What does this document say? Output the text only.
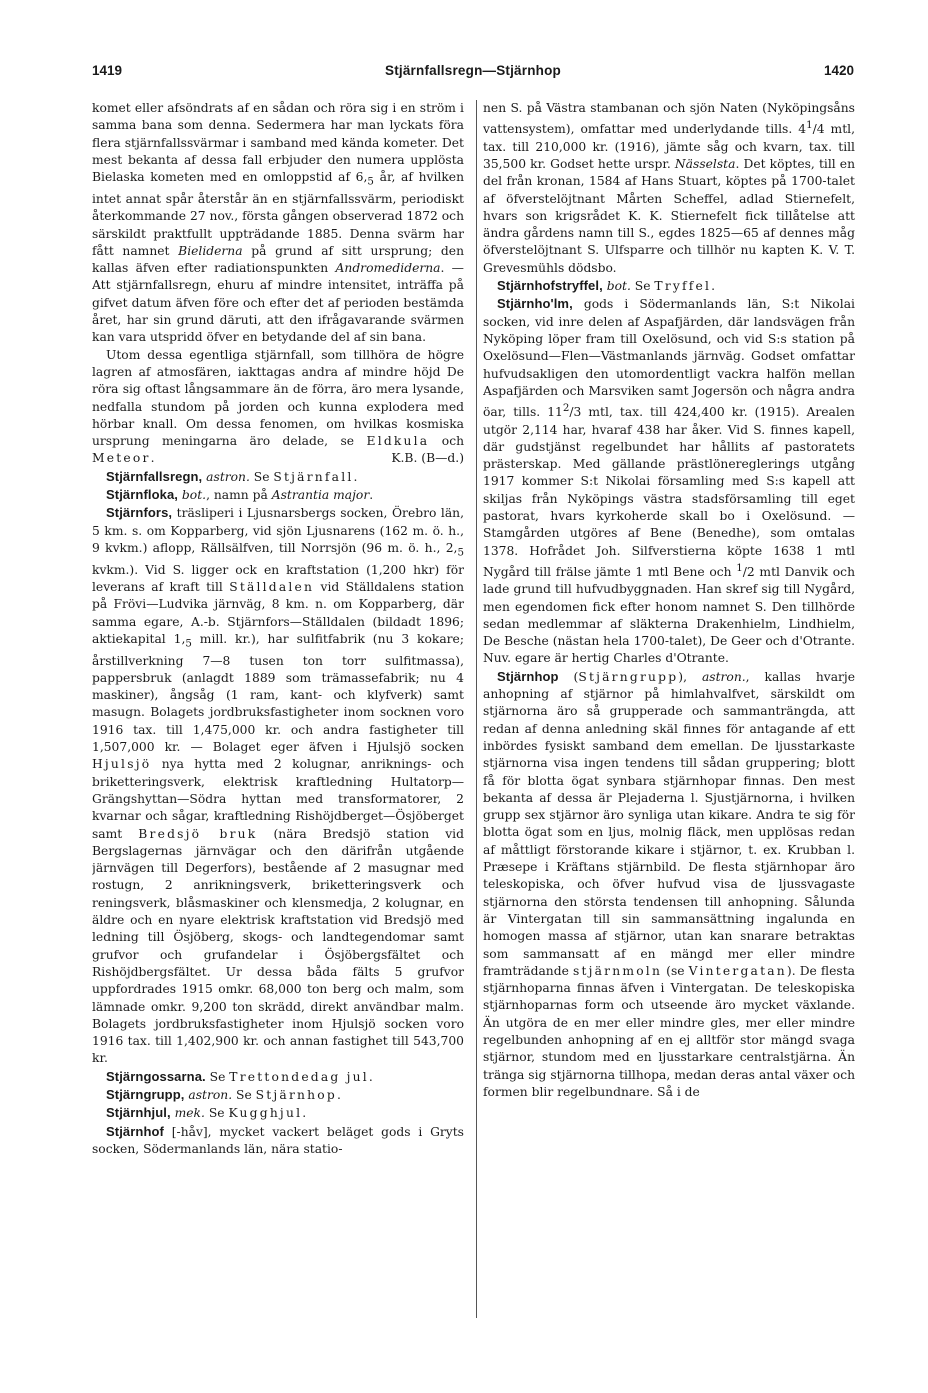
1419	Stjärnfallsregn—Stjärnhop	1420

komet eller afsöndrats af en sådan och röra sig i en ström i samma bana som denna. Sedermera har man lyckats föra flera stjärnfallssvärmar i samband med kända kometer. Det mest bekanta af dessa fall erbjuder den numera upplösta Bielaska kometen med en omloppstid af $6,_5$ år, af hvilken intet annat spår återstår än en stjärnfallssvärm, periodiskt återkommande 27 nov., första gången observerad 1872 och särskildt praktfullt uppträdande 1885. Denna svärm har fått namnet Bielidernа på grund af sitt ursprung; den kallas äfven efter radiationspunkten Andromediderna. — Att stjärnfallsregn, ehuru af mindre intensitet, inträffa på gifvet datum äfven före och efter det af perioden bestämda året, har sin grund däruti, att den ifrågavarande svärmen kan vara utspridd öfver en betydande del af sin bana.

Utom dessa egentliga stjärnfall, som tillhöra de högre lagren af atmosfären, iakttagas andra af mindre höjd De röra sig oftast långsammare än de förra, äro mera lysande, nedfalla stundom på jorden och kunna explodera med hörbar knall. Om dessa fenomen, om hvilkas kosmiska ursprung meningarna äro delade, se Eldkula och Meteor.	K.B. (B—d.)

Stjärnfallsregn, astron. Se Stjärnfall.

Stjärnfloka, bot., namn på Astrantia major.

Stjärnfors, träsliperi i Ljusnarsbergs socken, Örebro län, 5 km. s. om Kopparberg, vid sjön Ljusnarens (162 m. ö. h., 9 kvkm.) aflopp, Rällsälfven, till Norrsjön (96 m. ö. h., $2,_5$ kvkm.). Vid S. ligger ock en kraftstation (1,200 hkr) för leverans af kraft till Ställdalen vid Ställdalens station på Frövi—Ludvika järnväg, 8 km. n. om Kopparberg, där samma egare, A.-b. Stjärnfors—Ställdalen (bildadt 1896; aktiekapital $1,_5$ mill. kr.), har sulfitfabrik (nu 3 kokare; årstillverkning 7—8 tusen ton torr sulfitmassa), pappersbruk (anlagdt 1889 som trämassefabrik; nu 4 maskiner), ångsåg (1 ram, kant- och klyfverk) samt masugn. Bolagets jordbruksfastigheter inom socknen voro 1916 tax. till 1,475,000 kr. och andra fastigheter till 1,507,000 kr. — Bolaget eger äfven i Hjulsjö socken Hjulsjö nya hytta med 2 kolugnar, anriknings- och briketteringsverk, elektrisk kraftledning Hultatorp—Grängshyttan—Södra hyttan med transformatorer, 2 kvarnar och sågar, kraftledning Rishöjdberget—Ösjöberget samt Bredsjö bruk (nära Bredsjö station vid Bergslagernas järnvägar och den därifrån utgående järnvägen till Degerfors), bestående af 2 masugnar med rostugn, 2 anrikningsverk, briketteringsverk och reningsverk, blåsmaskiner och klensmedja, 2 kolugnar, en äldre och en nyare elektrisk kraftstation vid Bredsjö med ledning till Ösjöberg, skogs- och landtegendomar samt grufvor och grufandelar i Ösjöbergsfältet och Rishöjdbergsfältet. Ur dessa båda fälts 5 grufvor uppfordrades 1915 omkr. 68,000 ton berg och malm, som lämnade omkr. 9,200 ton skrädd, direkt användbar malm. Bolagets jordbruksfastigheter inom Hjulsjö socken voro 1916 tax. till 1,402,900 kr. och annan fastighet till 543,700 kr.

Stjärngossarna. Se Trettondedag jul.

Stjärngrupp, astron. Se Stjärnhop.

Stjärnhjul, mek. Se Kugghjul.

Stjärnhof [-håv], mycket vackert beläget gods i Gryts socken, Södermanlands län, nära statio-

nen S. på Västra stambanan och sjön Naten (Nyköpingsåns vattensystem), omfattar med underlydande tills. $4^1/4$ mtl, tax. till 210,000 kr. (1916), jämte såg och kvarn, tax. till 35,500 kr. Godset hette urspr. Nässelsta. Det köptes, till en del från kronan, 1584 af Hans Stuart, köptes på 1700-talet af öfverstelöjtnant Mårten Scheffel, adlad Stiernefelt, hvars son krigsrådet K. K. Stiernefelt fick tillåtelse att ändra gårdens namn till S., egdes 1825—65 af dennes måg öfverstelöjtnant S. Ulfsparre och tillhör nu kapten K. V. T. Grevesmühls dödsbo.

Stjärnhofstryffel, bot. Se Tryffel.

Stjärnho'lm, gods i Södermanlands län, S:t Nikolai socken, vid inre delen af Aspafjärden, där landsvägen från Nyköping löper fram till Oxelösund, och vid S:s station på Oxelösund—Flen—Västmanlands järnväg. Godset omfattar hufvudsakligen den utomordentligt vackra halfön mellan Aspafjärden och Marsviken samt Jogersön och några andra öar, tills. $11^2/3$ mtl, tax. till 424,400 kr. (1915). Arealen utgör 2,114 har, hvaraf 438 har åker. Vid S. finnes kapell, där gudstjänst regelbundet har hållits af pastoratets prästerskap. Med gällande prästlönereglerings utgång 1917 kommer S:t Nikolai församling med S:s kapell att skiljas från Nyköpings västra stadsförsamling till eget pastorat, hvars kyrkoherde skall bo i Oxelösund. — Stamgården utgöres af Bene (Benedhe), som omtalas 1378. Hofrådet Joh. Silfverstierna köpte 1638 1 mtl Nygård till frälse jämte 1 mtl Bene och $^1$/2 mtl Danvik och lade grund till hufvudbyggnaden. Han skref sig till Nygård, men egendomen fick efter honom namnet S. Den tillhörde sedan medlemmar af släkterna Drakenhielm, Lindhielm, De Besche (nästan hela 1700-talet), De Geer och d'Otrante. Nuv. egare är hertig Charles d'Otrante.

Stjärnhop (Stjärngrupp), astron., kallas hvarje anhopning af stjärnor på himlahvalfvet, särskildt om stjärnorna äro så grupperade och sammanträngda, att redan af denna anledning skäl finnes för antagande af ett inbördes fysiskt samband dem emellan. De ljusstarkaste stjärnorna visa ingen tendens till sådan gruppering; blott få för blotta ögat synbara stjärnhopar finnas. Den mest bekanta af dessa är Plejaderna l. Sjustjärnorna, i hvilken grupp sex stjärnor äro synliga utan kikare. Andra te sig för blotta ögat som en ljus, molnig fläck, men upplösas redan af måttligt förstorande kikare i stjärnor, t. ex. Krubban l. Præsepe i Kräftans stjärnbild. De flesta stjärnhopar äro teleskopiska, och öfver hufvud visa de ljussvagaste stjärnorna den största tendensen till anhopning. Sålunda är Vintergatan till sin sammansättning ingalunda en homogen massa af stjärnor, utan kan snarare betraktas som sammansatt af en mängd mer eller mindre framträdande stjärnmoln (se Vintergatan). De flesta stjärnhoparna finnas äfven i Vintergatan. De teleskopiska stjärnhoparnas form och utseende äro mycket växlande. Än utgöra de en mer eller mindre gles, mer eller mindre regelbunden anhopning af en ej alltför stor mängd svaga stjärnor, stundom med en ljusstarkare centralstjärna. Än tränga sig stjärnorna tillhopa, medan deras antal växer och formen blir regelbundnare. Så i de
